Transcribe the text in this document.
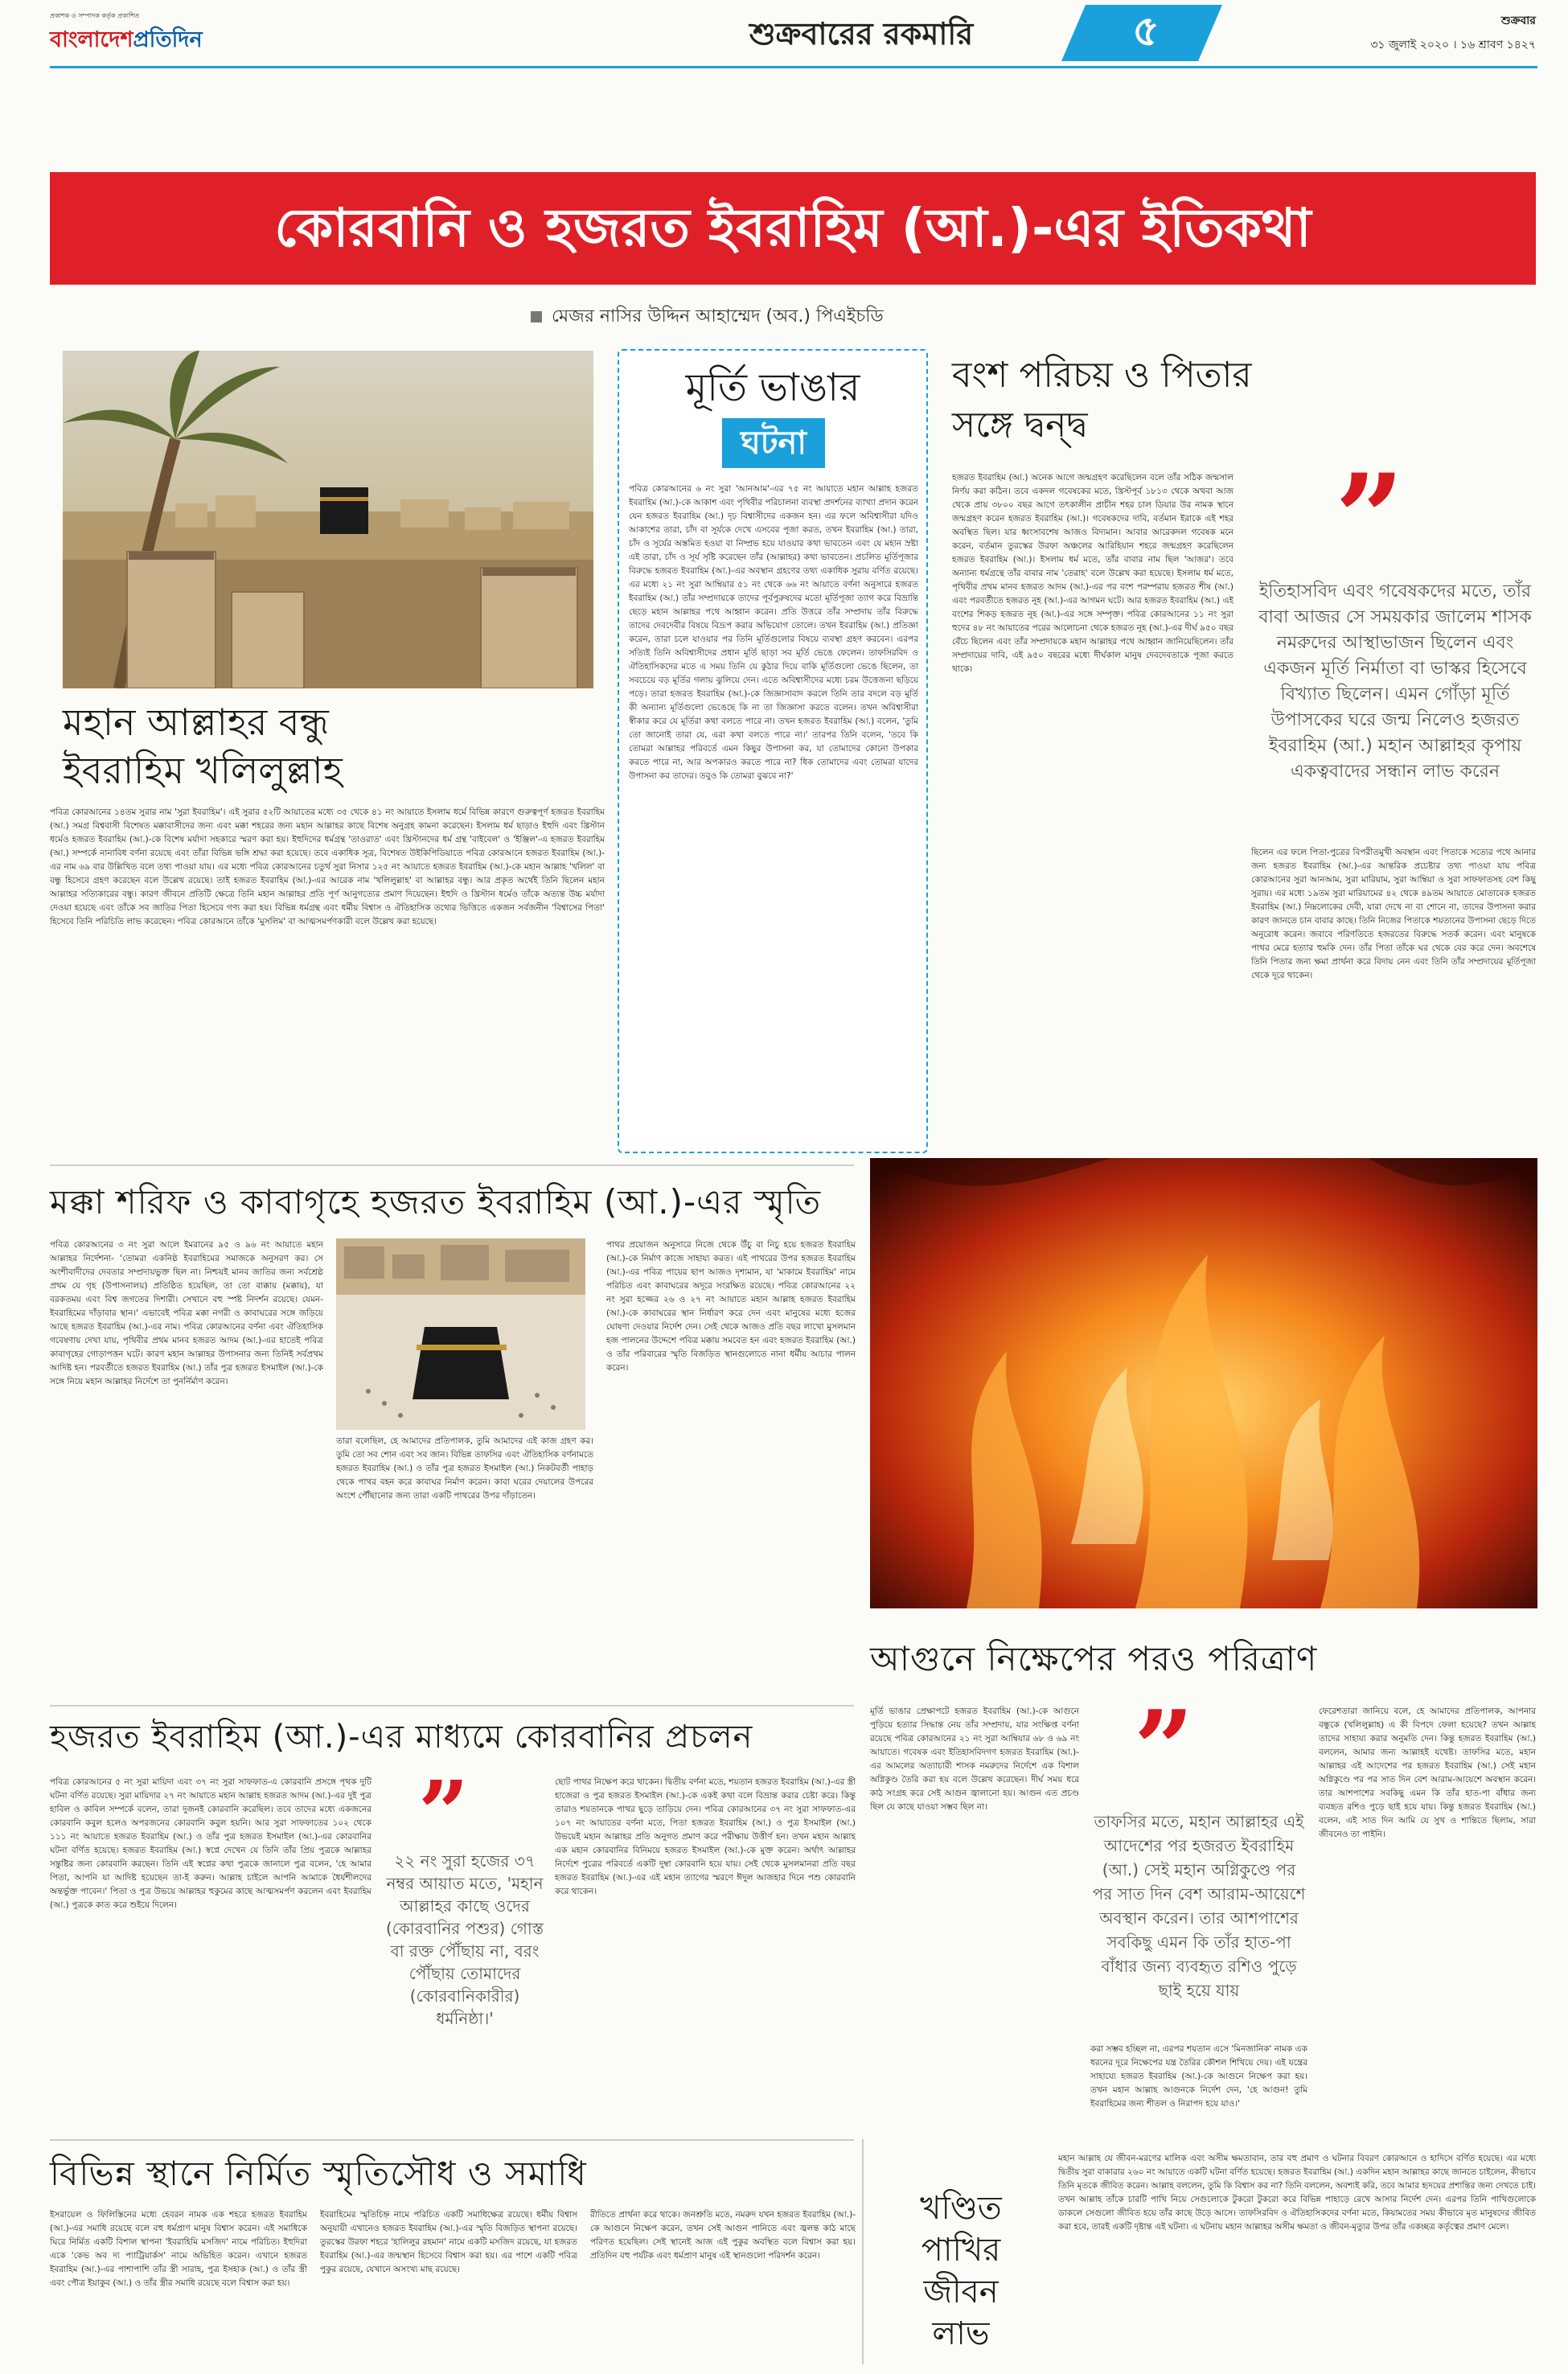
প্রকাশক ও সম্পাদক কর্তৃক প্রকাশিত
বাংলাদেশপ্রতিদিন	শুক্রবারের রকমারি	৫	শুক্রবার
৩১ জুলাই ২০২০ । ১৬ শ্রাবণ ১৪২৭
কোরবানি ও হজরত ইবরাহিম (আ.)-এর ইতিকথা
মেজর নাসির উদ্দিন আহাম্মেদ (অব.) পিএইচডি
মহান আল্লাহর বন্ধু
ইবরাহিম খলিলুল্লাহ
পবিত্র কোরআনের ১৪তম সুরার নাম 'সুরা ইবরাহিম'। এই সুরার ৫২টি আয়াতের মধ্যে ৩৫ থেকে ৪১ নং আয়াতে ইসলাম ধর্মে বিভিন্ন কারণে গুরুত্বপূর্ণ হজরত ইবরাহিম (আ.) সমগ্র বিশ্ববাসী বিশেষত মক্কাবাসীদের জন্য এবং মক্কা শহরের জন্য মহান আল্লাহর কাছে বিশেষ অনুগ্রহ কামনা করেছেন। ইসলাম ধর্ম ছাড়াও ইহুদি এবং খ্রিস্টান ধর্মেও হজরত ইবরাহিম (আ.)-কে বিশেষ মর্যাদা সহকারে স্মরণ করা হয়। ইহুদিদের ধর্মগ্রন্থ 'তাওরাত' এবং খ্রিস্টানদের ধর্ম গ্রন্থ 'বাইবেল' ও 'ইঞ্জিল'-এ হজরত ইবরাহিম (আ.) সম্পর্কে নানাবিধ বর্ণনা রয়েছে এবং তাঁরা বিভিন্ন ভঙ্গি শ্রদ্ধা করা হয়েছে। তবে একাধিক সূত্র, বিশেষত উইকিপিডিয়াতে পবিত্র কোরআনে হজরত ইবরাহিম (আ.)-এর নাম ৬৯ বার উল্লিখিত বলে তথ্য পাওয়া যায়। এর মধ্যে পবিত্র কোরআনের চতুর্থ সুরা নিসার ১২৫ নং আয়াতে হজরত ইবরাহিম (আ.)-কে মহান আল্লাহ 'খলিল' বা বন্ধু হিসেবে গ্রহণ করেছেন বলে উল্লেখ রয়েছে। তাই হজরত ইবরাহিম (আ.)-এর আরেক নাম 'খলিলুল্লাহ' বা আল্লাহর বন্ধু। আর প্রকৃত অর্থেই তিনি ছিলেন মহান আল্লাহর সত্যিকারের বন্ধু। কারণ জীবনে প্রতিটি ক্ষেত্রে তিনি মহান আল্লাহর প্রতি পূর্ণ আনুগত্যের প্রমাণ দিয়েছেন। ইহুদি ও খ্রিস্টান ধর্মেও তাঁকে অত্যন্ত উচ্চ মর্যাদা দেওয়া হয়েছে এবং তাঁকে সব জাতির পিতা হিসেবে গণ্য করা হয়। বিভিন্ন ধর্মগ্রন্থ এবং ধর্মীয় বিশ্বাস ও ঐতিহাসিক তথ্যের ভিত্তিতে একজন সর্বজনীন 'বিশ্বাসের পিতা' হিসেবে তিনি পরিচিতি লাভ করেছেন। পবিত্র কোরআনে তাঁকে 'মুসলিম' বা আত্মসমর্পণকারী বলে উল্লেখ করা হয়েছে।
মূর্তি ভাঙার
ঘটনা
পবিত্র কোরআনের ৬ নং সুরা 'আনআম'-এর ৭৫ নং আয়াতে মহান আল্লাহ হজরত ইবরাহিম (আ.)-কে আকাশ এবং পৃথিবীর পরিচালনা ব্যবস্থা প্রদর্শনের ব্যাখ্যা প্রদান করেন যেন হজরত ইবরাহিম (আ.) দৃঢ় বিশ্বাসীদের একজন হন। এর ফলে অবিশ্বাসীরা যদিও আকাশের তারা, চাঁদ বা সূর্যকে দেখে এসবের পূজা করত, তখন ইবরাহিম (আ.) তারা, চাঁদ ও সূর্যের অস্তমিত হওয়া বা নিষ্প্রভ হয়ে যাওয়ার কথা ভাবতেন এবং যে মহান স্রষ্টা এই তারা, চাঁদ ও সূর্য সৃষ্টি করেছেন তাঁর (আল্লাহর) কথা ভাবতেন। প্রচলিত মূর্তিপূজার বিরুদ্ধে হজরত ইবরাহিম (আ.)-এর অবস্থান গ্রহণের তথ্য একাধিক সুরায় বর্ণিত রয়েছে। এর মধ্যে ২১ নং সুরা আম্বিয়ার ৫১ নং থেকে ৬৬ নং আয়াতে বর্ণনা অনুসারে হজরত ইবরাহিম (আ.) তাঁর সম্প্রদায়কে তাদের পূর্বপুরুষদের মতো মূর্তিপূজা ত্যাগ করে বিভ্রান্তি ছেড়ে মহান আল্লাহর পথে আহ্বান করেন। প্রতি উত্তরে তাঁর সম্প্রদায় তাঁর বিরুদ্ধে তাদের দেবদেবীর বিষয়ে বিদ্রূপ করার অভিযোগ তোলে। তখন ইবরাহিম (আ.) প্রতিজ্ঞা করেন, তারা চলে যাওয়ার পর তিনি মূর্তিগুলোর বিষয়ে ব্যবস্থা গ্রহণ করবেন। এরপর সত্যিই তিনি অবিশ্বাসীদের প্রধান মূর্তি ছাড়া সব মূর্তি ভেঙে ফেলেন। তাফসিরবিদ ও ঐতিহাসিকদের মতে এ সময় তিনি যে কুঠার দিয়ে বাকি মূর্তিগুলো ভেঙে ছিলেন, তা সবচেয়ে বড় মূর্তির গলায় ঝুলিয়ে দেন। এতে অবিশ্বাসীদের মধ্যে চরম উত্তেজনা ছড়িয়ে পড়ে। তারা হজরত ইবরাহিম (আ.)-কে জিজ্ঞাসাবাদ করলে তিনি তার বদলে বড় মূর্তি কী অন্যান্য মূর্তিগুলো ভেঙেছে কি না তা জিজ্ঞাসা করতে বলেন। তখন অবিশ্বাসীরা স্বীকার করে যে মূর্তিরা কথা বলতে পারে না। তখন হজরত ইবরাহিম (আ.) বলেন, 'তুমি তো জানোই তারা যে, এরা কথা বলতে পারে না।' তারপর তিনি বলেন, 'তবে কি তোমরা আল্লাহর পরিবর্তে এমন কিছুর উপাসনা কর, যা তোমাদের কোনো উপকার করতে পারে না, আর অপকারও করতে পারে না? ধিক তোমাদের এবং তোমরা যাদের উপাসনা কর তাদের। তবুও কি তোমরা বুঝবে না?'
বংশ পরিচয় ও পিতার
সঙ্গে দ্বন্দ্ব
হজরত ইবরাহিম (আ.) অনেক আগে জন্মগ্রহণ করেছিলেন বলে তাঁর সঠিক জন্মসাল নির্ণয় করা কঠিন। তবে একদল গবেষকের মতে, খ্রিস্টপূর্ব ১৮১৩ থেকে অথবা আজ থেকে প্রায় ৩৮০০ বছর আগে তৎকালীন প্রাচীন শহর চাল ডিয়ার উর নামক স্থানে জন্মগ্রহণ করেন হজরত ইবরাহিম (আ.)। গবেষকদের দাবি, বর্তমান ইরাকে এই শহর অবস্থিত ছিল। যার ধ্বংসাবশেষ আজও বিদ্যমান। আবার আরেকদল গবেষক মনে করেন, বর্তমান তুরস্কের উরফা অঞ্চলের আরিহিয়ান শহরে জন্মগ্রহণ করেছিলেন হজরত ইবরাহিম (আ.)। ইসলাম ধর্ম মতে, তাঁর বাবার নাম ছিল 'আজর'। তবে অন্যান্য ধর্মগ্রন্থে তাঁর বাবার নাম 'তেরাহ' বলে উল্লেখ করা হয়েছে। ইসলাম ধর্ম মতে, পৃথিবীর প্রথম মানব হজরত আদম (আ.)-এর পর বংশ পরম্পরায় হজরত শীষ (আ.) এবং পরবর্তীতে হজরত নূহ (আ.)-এর আগমন ঘটে। আর হজরত ইবরাহিম (আ.) এই বংশের শিকড় হজরত নূহ (আ.)-এর সঙ্গে সম্পৃক্ত। পবিত্র কোরআনের ১১ নং সুরা হুদের ৪৮ নং আয়াতের পরের আলোচনা থেকে হজরত নূহ (আ.)-এর দীর্ঘ ৯৫০ বছর বেঁচে ছিলেন এবং তাঁর সম্প্রদায়কে মহান আল্লাহর পথে আহ্বান জানিয়েছিলেন। তাঁর সম্প্রদায়ের দাবি, এই ৯৫০ বছরের মধ্যে দীর্ঘকাল মানুষ দেবদেবতাকে পূজা করতে থাকে।
”
ইতিহাসবিদ এবং গবেষকদের মতে, তাঁর বাবা আজর সে সময়কার জালেম শাসক নমরুদের আস্থাভাজন ছিলেন এবং একজন মূর্তি নির্মাতা বা ভাস্কর হিসেবে বিখ্যাত ছিলেন। এমন গোঁড়া মূর্তি উপাসকের ঘরে জন্ম নিলেও হজরত ইবরাহিম (আ.) মহান আল্লাহর কৃপায় একত্ববাদের সন্ধান লাভ করেন
ছিলেন এর ফলে পিতা-পুত্রের বিপরীতমুখী অবস্থান এবং পিতাকে সত্যের পথে আনার জন্য হজরত ইবরাহিম (আ.)-এর আন্তরিক প্রচেষ্টার তথ্য পাওয়া যায় পবিত্র কোরআনের সুরা আনআম, সুরা মারিয়াম, সুরা আম্বিয়া ও সুরা সাফফাতসহ বেশ কিছু সুরায়। এর মধ্যে ১৯তম সুরা মারিয়ামের ৪২ থেকে ৪৯তম আয়াতে মোতাবেক হজরত ইবরাহিম (আ.) নিম্নলোকের দেবী, যারা দেখে না বা শোনে না, তাদের উপাসনা করার কারণ জানতে চান বাবার কাছে। তিনি নিজের পিতাকে শয়তানের উপাসনা ছেড়ে দিতে অনুরোধ করেন। জবাবে পরিণতিতে হজরতের বিরুদ্ধে সতর্ক করেন। এবং মানুষকে পাথর মেরে হত্যার হুমকি দেন। তাঁর পিতা তাঁকে ঘর থেকে বের করে দেন। অবশেষে তিনি পিতার জন্য ক্ষমা প্রার্থনা করে বিদায় নেন এবং তিনি তাঁর সম্প্রদায়ের মূর্তিপূজা থেকে দূরে থাকেন।
মক্কা শরিফ ও কাবাগৃহে হজরত ইবরাহিম (আ.)-এর স্মৃতি
পবিত্র কোরআনের ৩ নং সুরা আলে ইমরানের ৯৫ ও ৯৬ নং আয়াতে মহান আল্লাহর নির্দেশনা- 'তোমরা একনিষ্ঠ ইবরাহিমের সমাজকে অনুসরণ কর। সে অংশীবাদীদের দেবতার সম্প্রদায়ভুক্ত ছিল না। নিশ্চয়ই মানব জাতির জন্য সর্বশ্রেষ্ঠ প্রথম যে গৃহ (উপাসনালয়) প্রতিষ্ঠিত হয়েছিল, তা তো বাক্কায় (মক্কায়), যা বরকতময় এবং বিশ্ব জগতের দিশারী। সেখানে বহু স্পষ্ট নিদর্শন রয়েছে। যেমন- ইবরাহিমের দাঁড়াবার স্থান।' এভাবেই পবিত্র মক্কা নগরী ও কাবাঘরের সঙ্গে জড়িয়ে আছে হজরত ইবরাহিম (আ.)-এর নাম। পবিত্র কোরআনের বর্ণনা এবং ঐতিহাসিক গবেষণায় দেখা যায়, পৃথিবীর প্রথম মানব হজরত আদম (আ.)-এর হাতেই পবিত্র কাবাগৃহের গোড়াপত্তন ঘটে। কারণ মহান আল্লাহর উপাসনার জন্য তিনিই সর্বপ্রথম আদিষ্ট হন। পরবর্তীতে হজরত ইবরাহিম (আ.) তাঁর পুত্র হজরত ইসমাইল (আ.)-কে সঙ্গে নিয়ে মহান আল্লাহর নির্দেশে তা পুনর্নির্মাণ করেন।
তারা বলেছিল, হে আমাদের প্রতিপালক, তুমি আমাদের এই কাজ গ্রহণ কর। তুমি তো সব শোন এবং সব জান। বিভিন্ন তাফসির এবং ঐতিহাসিক বর্ণনামতে হজরত ইবরাহিম (আ.) ও তাঁর পুত্র হজরত ইসমাইল (আ.) নিকটবর্তী পাহাড় থেকে পাথর বহন করে কাবাঘর নির্মাণ করেন। কাবা ঘরের দেয়ালের উপরের অংশে পৌঁছানোর জন্য তারা একটি পাথরের উপর দাঁড়াতেন।
পাথর প্রয়োজন অনুসারে নিজে থেকে উঁচু বা নিচু হয়ে হজরত ইবরাহিম (আ.)-কে নির্মাণ কাজে সাহায্য করত। এই পাথরের উপর হজরত ইবরাহিম (আ.)-এর পবিত্র পায়ের ছাপ আজও দৃশ্যমান, যা 'মাকামে ইবরাহিম' নামে পরিচিত এবং কাবাঘরের অদূরে সংরক্ষিত রয়েছে। পবিত্র কোরআনের ২২ নং সুরা হজ্জের ২৬ ও ২৭ নং আয়াতে মহান আল্লাহ হজরত ইবরাহিম (আ.)-কে কাবাঘরের স্থান নির্ধারণ করে দেন এবং মানুষের মধ্যে হজের ঘোষণা দেওয়ার নির্দেশ দেন। সেই থেকে আজও প্রতি বছর লাখো মুসলমান হজ পালনের উদ্দেশে পবিত্র মক্কায় সমবেত হন এবং হজরত ইবরাহিম (আ.) ও তাঁর পরিবারের স্মৃতি বিজড়িত স্থানগুলোতে নানা ধর্মীয় আচার পালন করেন।
হজরত ইবরাহিম (আ.)-এর মাধ্যমে কোরবানির প্রচলন
পবিত্র কোরআনের ৫ নং সুরা মায়িদা এবং ৩৭ নং সুরা সাফফাত-এ কোরবানি প্রসঙ্গে পৃথক দুটি ঘটনা বর্ণিত রয়েছে। সুরা মায়িদার ২৭ নং আয়াতে মহান আল্লাহ হজরত আদম (আ.)-এর দুই পুত্র হাবিল ও কাবিল সম্পর্কে বলেন, তারা দুজনই কোরবানি করেছিল। তবে তাদের মধ্যে একজনের কোরবানি কবুল হলেও অপরজনের কোরবানি কবুল হয়নি। আর সুরা সাফফাতের ১০২ থেকে ১১১ নং আয়াতে হজরত ইবরাহিম (আ.) ও তাঁর পুত্র হজরত ইসমাইল (আ.)-এর কোরবানির ঘটনা বর্ণিত হয়েছে। হজরত ইবরাহিম (আ.) স্বপ্নে দেখেন যে তিনি তাঁর প্রিয় পুত্রকে আল্লাহর সন্তুষ্টির জন্য কোরবানি করছেন। তিনি এই স্বপ্নের কথা পুত্রকে জানালে পুত্র বলেন, 'হে আমার পিতা, আপনি যা আদিষ্ট হয়েছেন তা-ই করুন। আল্লাহ চাইলে আপনি আমাকে ধৈর্যশীলদের অন্তর্ভুক্ত পাবেন।' পিতা ও পুত্র উভয়ে আল্লাহর হুকুমের কাছে আত্মসমর্পণ করলেন এবং ইবরাহিম (আ.) পুত্রকে কাত করে শুইয়ে দিলেন।
”
২২ নং সুরা হজের ৩৭ নম্বর আয়াত মতে, 'মহান আল্লাহর কাছে ওদের (কোরবানির পশুর) গোস্ত বা রক্ত পৌঁছায় না, বরং পৌঁছায় তোমাদের (কোরবানিকারীর) ধর্মনিষ্ঠা।'
ছোট পাথর নিক্ষেপ করে থাকেন। দ্বিতীয় বর্ণনা মতে, শয়তান হজরত ইবরাহিম (আ.)-এর স্ত্রী হাজেরা ও পুত্র হজরত ইসমাইল (আ.)-কে একই কথা বলে বিভ্রান্ত করার চেষ্টা করে। কিন্তু তারাও শয়তানকে পাথর ছুড়ে তাড়িয়ে দেন। পবিত্র কোরআনের ৩৭ নং সুরা সাফফাত-এর ১০৭ নং আয়াতের বর্ণনা মতে, পিতা হজরত ইবরাহিম (আ.) ও পুত্র ইসমাইল (আ.) উভয়েই মহান আল্লাহর প্রতি অনুগত প্রমাণ করে পরীক্ষায় উত্তীর্ণ হন। তখন মহান আল্লাহ এক মহান কোরবানির বিনিময়ে হজরত ইসমাইল (আ.)-কে মুক্ত করেন। অর্থাৎ আল্লাহর নির্দেশে পুত্রের পরিবর্তে একটি দুম্বা কোরবানি হয়ে যায়। সেই থেকে মুসলমানরা প্রতি বছর হজরত ইবরাহিম (আ.)-এর এই মহান ত্যাগের স্মরণে ঈদুল আজহার দিনে পশু কোরবানি করে থাকেন।
আগুনে নিক্ষেপের পরও পরিত্রাণ
মূর্তি ভাঙার প্রেক্ষাপটে হজরত ইবরাহিম (আ.)-কে আগুনে পুড়িয়ে হত্যার সিদ্ধান্ত নেয় তাঁর সম্প্রদায়, যার সংক্ষিপ্ত বর্ণনা রয়েছে পবিত্র কোরআনের ২১ নং সুরা আম্বিয়ার ৬৮ ও ৬৯ নং আয়াতে। গবেষক এবং ইতিহাসবিদগণ হজরত ইবরাহিম (আ.)-এর আমলের অত্যাচারী শাসক নমরুদের নির্দেশে এক বিশাল অগ্নিকুণ্ড তৈরি করা হয় বলে উল্লেখ করেছেন। দীর্ঘ সময় ধরে কাঠ সংগ্রহ করে সেই আগুন জ্বালানো হয়। আগুন এত প্রচণ্ড ছিল যে কাছে যাওয়া সম্ভব ছিল না।	”
তাফসির মতে, মহান আল্লাহর এই আদেশের পর হজরত ইবরাহিম (আ.) সেই মহান অগ্নিকুণ্ডে পর পর সাত দিন বেশ আরাম-আয়েশে অবস্থান করেন। তার আশপাশের সবকিছু এমন কি তাঁর হাত-পা বাঁধার জন্য ব্যবহৃত রশিও পুড়ে ছাই হয়ে যায়
করা সম্ভব হচ্ছিল না, এরপর শয়তান এসে 'মিনজানিক' নামক এক ধরনের দূরে নিক্ষেপের যন্ত্র তৈরির কৌশল শিখিয়ে দেয়। এই যন্ত্রের সাহায্যে হজরত ইবরাহিম (আ.)-কে আগুনে নিক্ষেপ করা হয়। তখন মহান আল্লাহ আগুনকে নির্দেশ দেন, 'হে আগুন! তুমি ইবরাহিমের জন্য শীতল ও নিরাপদ হয়ে যাও।'
ফেরেশতারা জানিয়ে বলে, হে আমাদের প্রতিপালক, আপনার বন্ধুকে (খলিলুল্লাহ) এ কী বিপদে ফেলা হয়েছে? তখন আল্লাহ তাদের সাহায্য করার অনুমতি দেন। কিন্তু হজরত ইবরাহিম (আ.) বললেন, আমার জন্য আল্লাহই যথেষ্ট। তাফসির মতে, মহান আল্লাহর এই আদেশের পর হজরত ইবরাহিম (আ.) সেই মহান অগ্নিকুণ্ডে পর পর সাত দিন বেশ আরাম-আয়েশে অবস্থান করেন। তার আশপাশের সবকিছু এমন কি তাঁর হাত-পা বাঁধার জন্য ব্যবহৃত রশিও পুড়ে ছাই হয়ে যায়। কিন্তু হজরত ইবরাহিম (আ.) বলেন, এই সাত দিন আমি যে সুখ ও শান্তিতে ছিলাম, সারা জীবনেও তা পাইনি।
বিভিন্ন স্থানে নির্মিত স্মৃতিসৌধ ও সমাধি
ইসরায়েল ও ফিলিস্তিনের মধ্যে হেবরন নামক এক শহরে হজরত ইবরাহিম (আ.)-এর সমাধি রয়েছে বলে বহু ধর্মপ্রাণ মানুষ বিশ্বাস করেন। এই সমাধিকে ঘিরে নির্মিত একটি বিশাল স্থাপনা 'ইবরাহিমি মসজিদ' নামে পরিচিত। ইহুদিরা একে 'কেভ অব দ্য প্যাট্রিয়ার্কস' নামে অভিহিত করেন। এখানে হজরত ইবরাহিম (আ.)-এর পাশাপাশি তাঁর স্ত্রী সারাহ, পুত্র ইসহাক (আ.) ও তাঁর স্ত্রী এবং পৌত্র ইয়াকুব (আ.) ও তাঁর স্ত্রীর সমাধি রয়েছে বলে বিশ্বাস করা হয়।
ইবরাহিমের স্মৃতিচিহ্ন নামে পরিচিত একটি সমাধিক্ষেত্র রয়েছে। ধর্মীয় বিশ্বাস অনুযায়ী এখানেও হজরত ইবরাহিম (আ.)-এর স্মৃতি বিজড়িত স্থাপনা রয়েছে। তুরস্কের উরফা শহরে 'হালিলুর রহমান' নামে একটি মসজিদ রয়েছে, যা হজরত ইবরাহিম (আ.)-এর জন্মস্থান হিসেবে বিশ্বাস করা হয়। এর পাশে একটি পবিত্র পুকুর রয়েছে, যেখানে অসংখ্য মাছ রয়েছে।
রীতিতে প্রার্থনা করে থাকে। জনশ্রুতি মতে, নমরুদ যখন হজরত ইবরাহিম (আ.)-কে আগুনে নিক্ষেপ করেন, তখন সেই আগুন পানিতে এবং জ্বলন্ত কাঠ মাছে পরিণত হয়েছিল। সেই স্থানেই আজ এই পুকুর অবস্থিত বলে বিশ্বাস করা হয়। প্রতিদিন বহু পর্যটক এবং ধর্মপ্রাণ মানুষ এই স্থানগুলো পরিদর্শন করেন।
খণ্ডিত
পাখির
জীবন
লাভ
মহান আল্লাহ যে জীবন-মরণের মালিক এবং অসীম ক্ষমতাবান, তার বহু প্রমাণ ও ঘটনার বিবরণ কোরআনে ও হাদিসে বর্ণিত হয়েছে। এর মধ্যে দ্বিতীয় সুরা বাকারার ২৬০ নং আয়াতে একটি ঘটনা বর্ণিত হয়েছে। হজরত ইবরাহিম (আ.) একদিন মহান আল্লাহর কাছে জানতে চাইলেন, কীভাবে তিনি মৃতকে জীবিত করেন। আল্লাহ বললেন, তুমি কি বিশ্বাস কর না? তিনি বললেন, অবশ্যই করি, তবে আমার হৃদয়ের প্রশান্তির জন্য দেখতে চাই। তখন আল্লাহ তাঁকে চারটি পাখি নিয়ে সেগুলোকে টুকরো টুকরো করে বিভিন্ন পাহাড়ে রেখে আসার নির্দেশ দেন। এরপর তিনি পাখিগুলোকে ডাকলে সেগুলো জীবিত হয়ে তাঁর কাছে উড়ে আসে। তাফসিরবিদ ও ঐতিহাসিকদের বর্ণনা মতে, কিয়ামতের সময় কীভাবে মৃত মানুষদের জীবিত করা হবে, তারই একটি দৃষ্টান্ত এই ঘটনা। এ ঘটনায় মহান আল্লাহর অসীম ক্ষমতা ও জীবন-মৃত্যুর উপর তাঁর একচ্ছত্র কর্তৃত্বের প্রমাণ মেলে।
